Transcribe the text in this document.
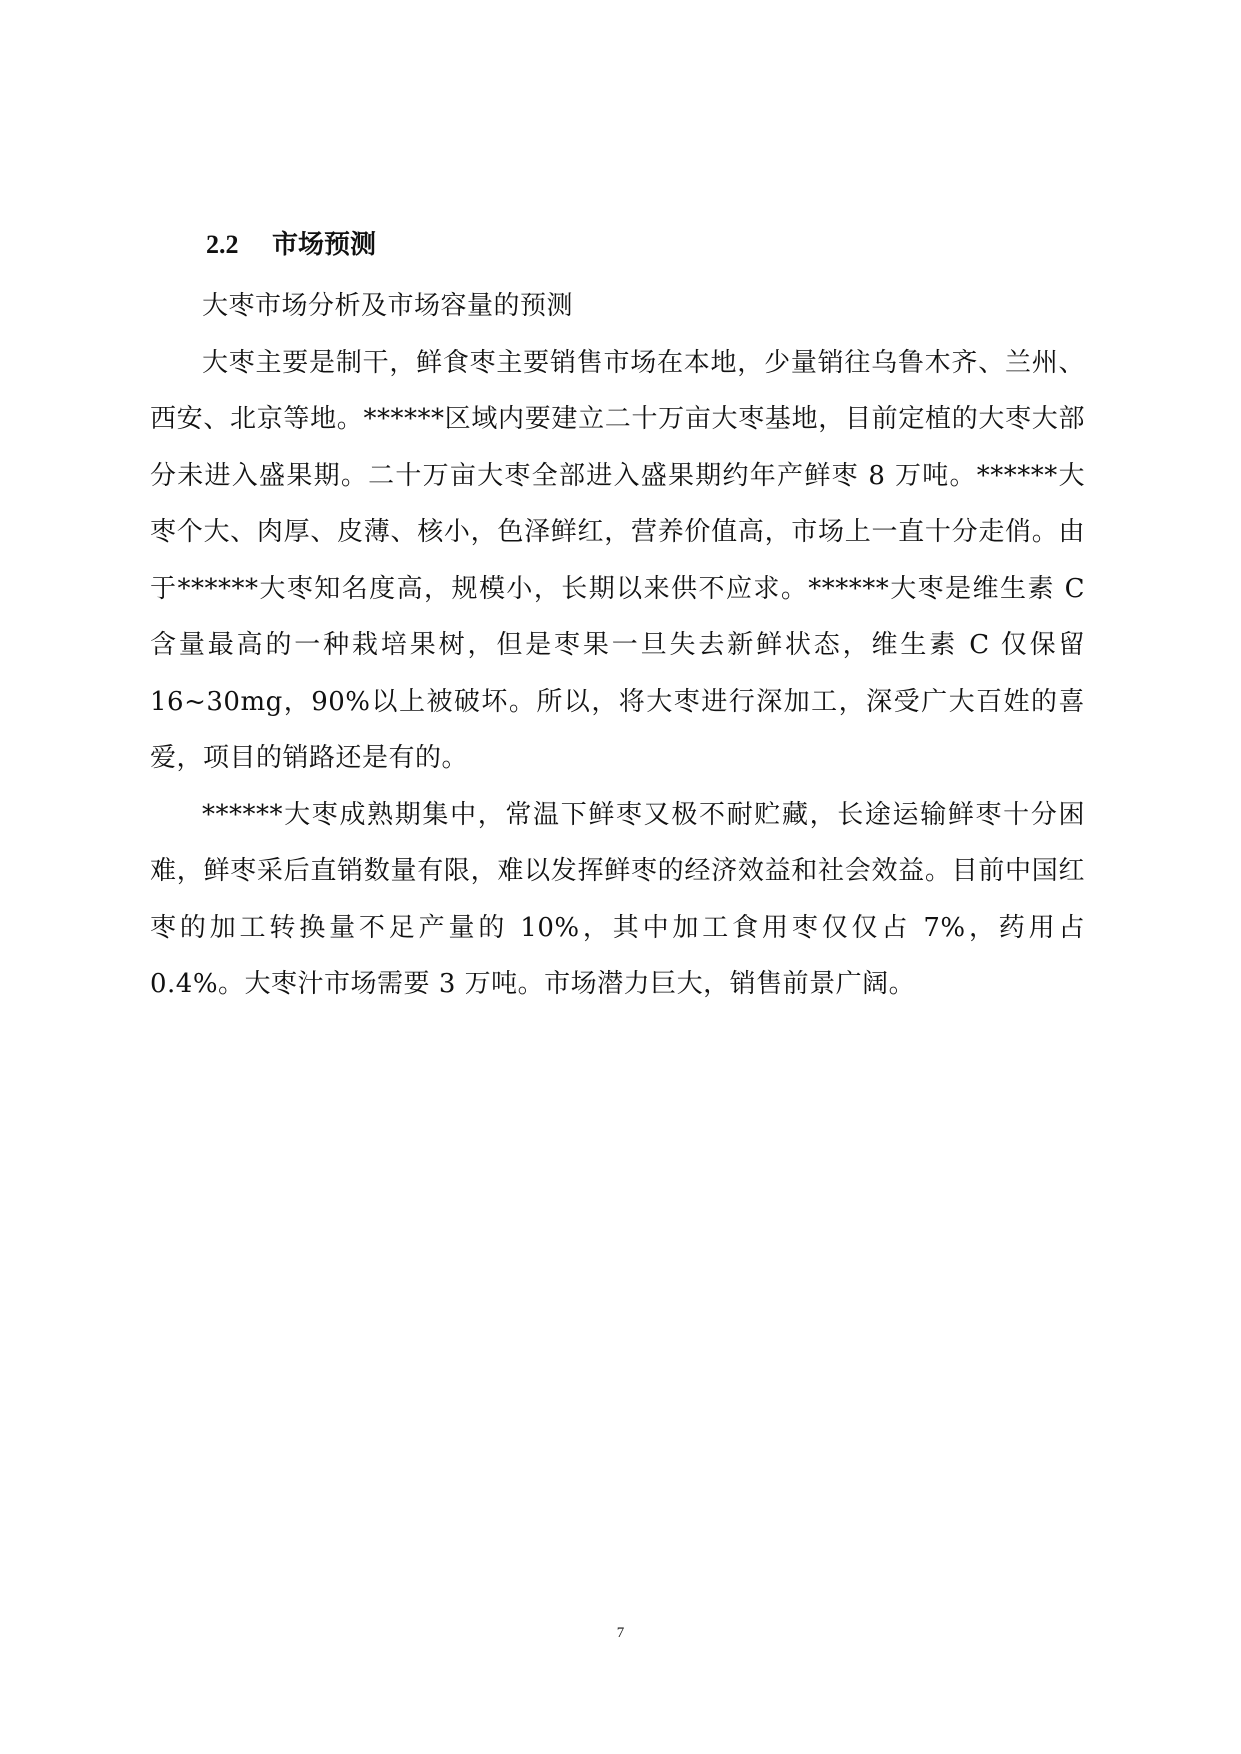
2.2 市场预测

大枣市场分析及市场容量的预测

大枣主要是制干，鲜食枣主要销售市场在本地，少量销往乌鲁木齐、兰州、西安、北京等地。******区域内要建立二十万亩大枣基地，目前定植的大枣大部分未进入盛果期。二十万亩大枣全部进入盛果期约年产鲜枣 8 万吨。******大枣个大、肉厚、皮薄、核小，色泽鲜红，营养价值高，市场上一直十分走俏。由于******大枣知名度高，规模小，长期以来供不应求。******大枣是维生素 C 含量最高的一种栽培果树，但是枣果一旦失去新鲜状态，维生素 C 仅保留 16~30mg，90%以上被破坏。所以，将大枣进行深加工，深受广大百姓的喜爱，项目的销路还是有的。

******大枣成熟期集中，常温下鲜枣又极不耐贮藏，长途运输鲜枣十分困难，鲜枣采后直销数量有限，难以发挥鲜枣的经济效益和社会效益。目前中国红枣的加工转换量不足产量的 10%，其中加工食用枣仅仅占 7%，药用占 0.4%。大枣汁市场需要 3 万吨。市场潜力巨大，销售前景广阔。

7
